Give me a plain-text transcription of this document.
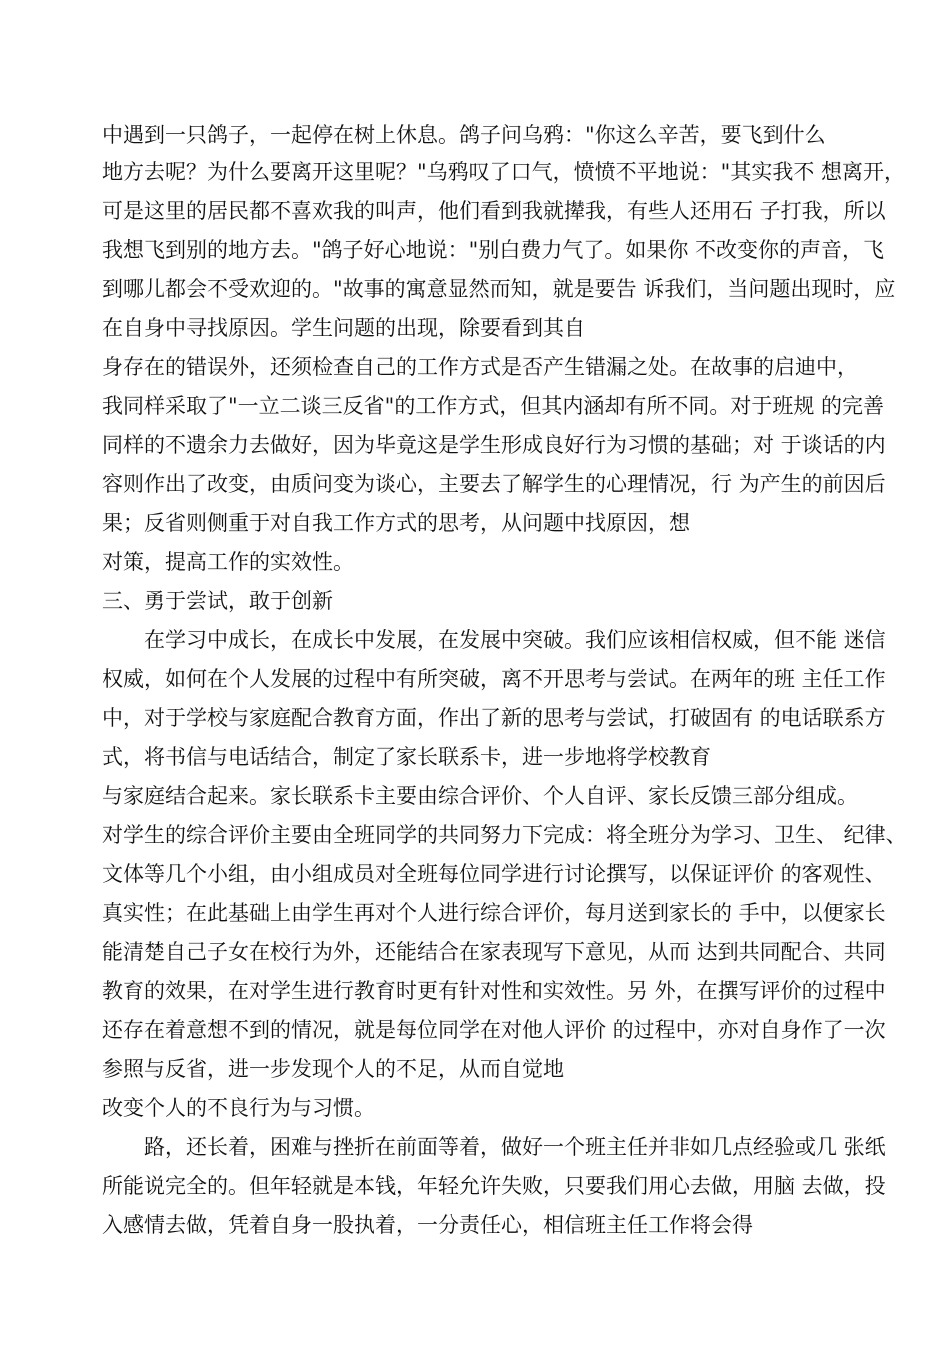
中遇到一只鸽子，一起停在树上休息。鸽子问乌鸦："你这么辛苦，要飞到什么
地方去呢？为什么要离开这里呢？"乌鸦叹了口气，愤愤不平地说："其实我不 想离开，
可是这里的居民都不喜欢我的叫声，他们看到我就撵我，有些人还用石 子打我，所以
我想飞到别的地方去。"鸽子好心地说："别白费力气了。如果你 不改变你的声音，飞
到哪儿都会不受欢迎的。"故事的寓意显然而知，就是要告 诉我们，当问题出现时，应
在自身中寻找原因。学生问题的出现，除要看到其自
身存在的错误外，还须检查自己的工作方式是否产生错漏之处。在故事的启迪中，
我同样采取了"一立二谈三反省"的工作方式，但其内涵却有所不同。对于班规 的完善
同样的不遗余力去做好，因为毕竟这是学生形成良好行为习惯的基础；对 于谈话的内
容则作出了改变，由质问变为谈心，主要去了解学生的心理情况，行 为产生的前因后
果；反省则侧重于对自我工作方式的思考，从问题中找原因，想
对策，提高工作的实效性。
三、勇于尝试，敢于创新
在学习中成长，在成长中发展，在发展中突破。我们应该相信权威，但不能 迷信
权威，如何在个人发展的过程中有所突破，离不开思考与尝试。在两年的班 主任工作
中，对于学校与家庭配合教育方面，作出了新的思考与尝试，打破固有 的电话联系方
式，将书信与电话结合，制定了家长联系卡，进一步地将学校教育
与家庭结合起来。家长联系卡主要由综合评价、个人自评、家长反馈三部分组成。
对学生的综合评价主要由全班同学的共同努力下完成：将全班分为学习、卫生、 纪律、
文体等几个小组，由小组成员对全班每位同学进行讨论撰写，以保证评价 的客观性、
真实性；在此基础上由学生再对个人进行综合评价，每月送到家长的 手中，以便家长
能清楚自己子女在校行为外，还能结合在家表现写下意见，从而 达到共同配合、共同
教育的效果，在对学生进行教育时更有针对性和实效性。另 外，在撰写评价的过程中
还存在着意想不到的情况，就是每位同学在对他人评价 的过程中，亦对自身作了一次
参照与反省，进一步发现个人的不足，从而自觉地
改变个人的不良行为与习惯。
路，还长着，困难与挫折在前面等着，做好一个班主任并非如几点经验或几 张纸
所能说完全的。但年轻就是本钱，年轻允许失败，只要我们用心去做，用脑 去做，投
入感情去做，凭着自身一股执着，一分责任心，相信班主任工作将会得
